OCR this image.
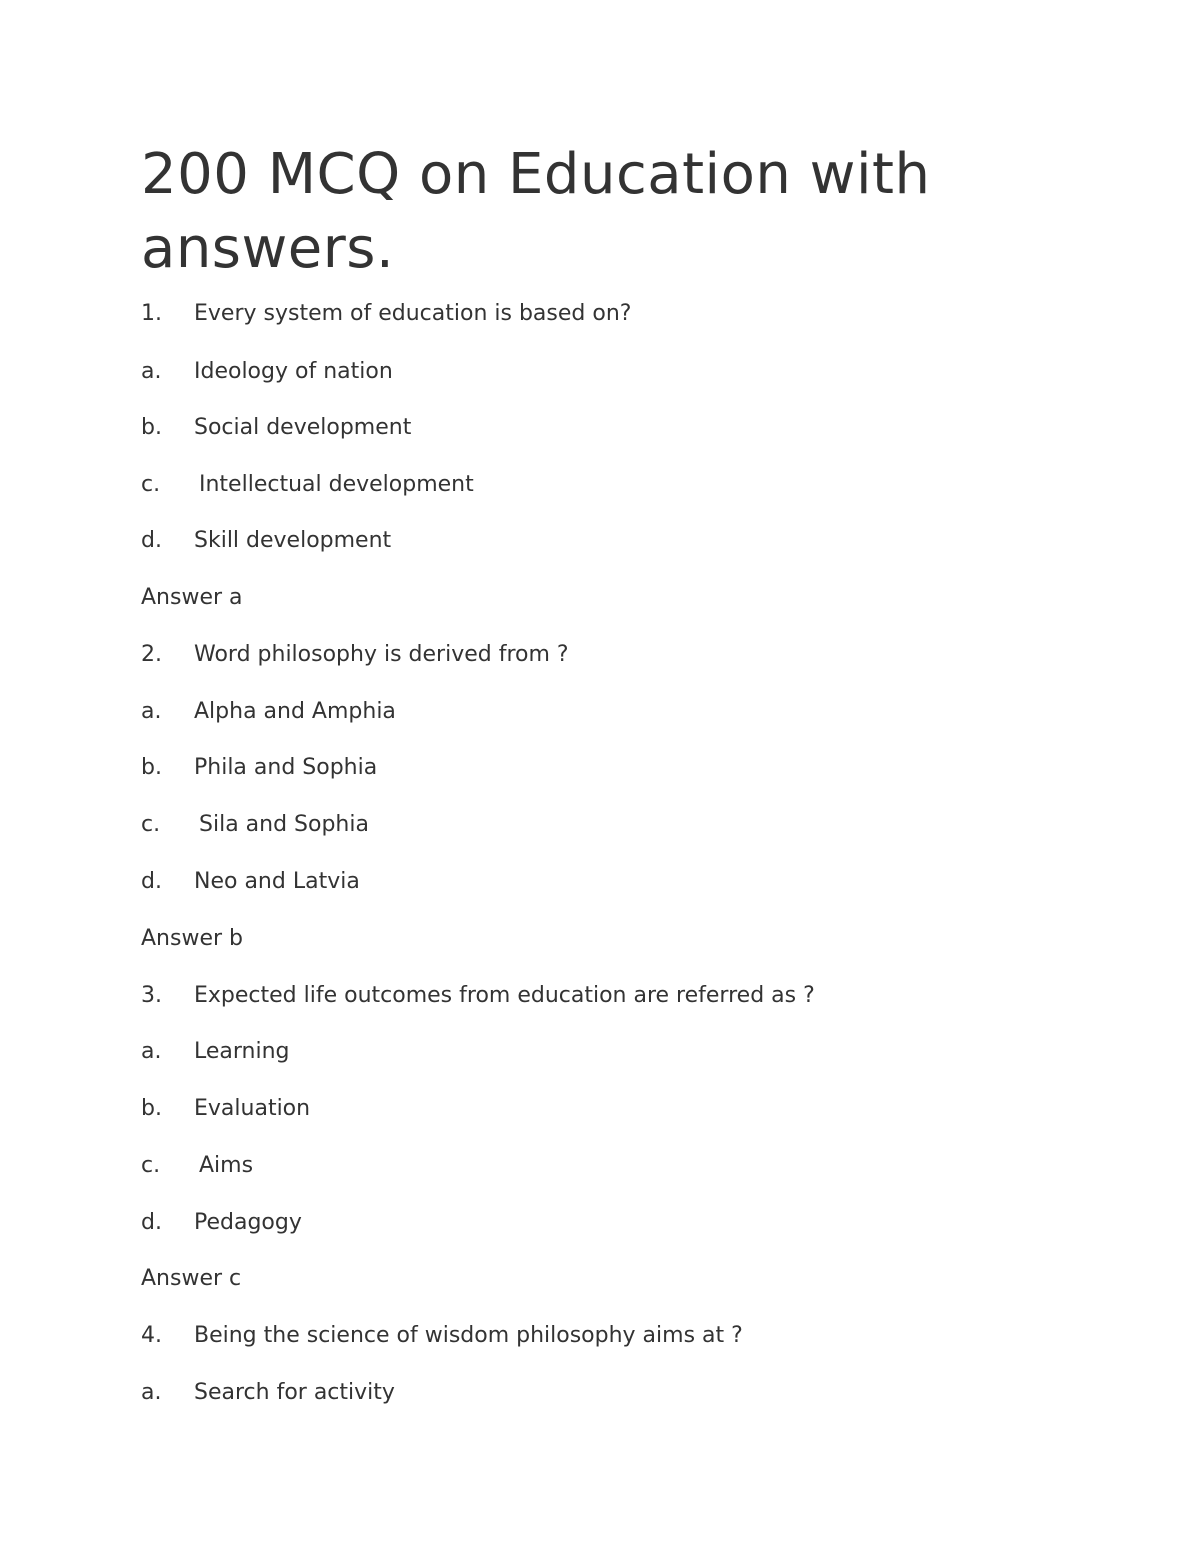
200 MCQ on Education with answers.
1. Every system of education is based on?
a. Ideology of nation
b. Social development
c. Intellectual development
d. Skill development
Answer a
2. Word philosophy is derived from ?
a. Alpha and Amphia
b. Phila and Sophia
c. Sila and Sophia
d. Neo and Latvia
Answer b
3. Expected life outcomes from education are referred as ?
a. Learning
b. Evaluation
c. Aims
d. Pedagogy
Answer c
4. Being the science of wisdom philosophy aims at ?
a. Search for activity
